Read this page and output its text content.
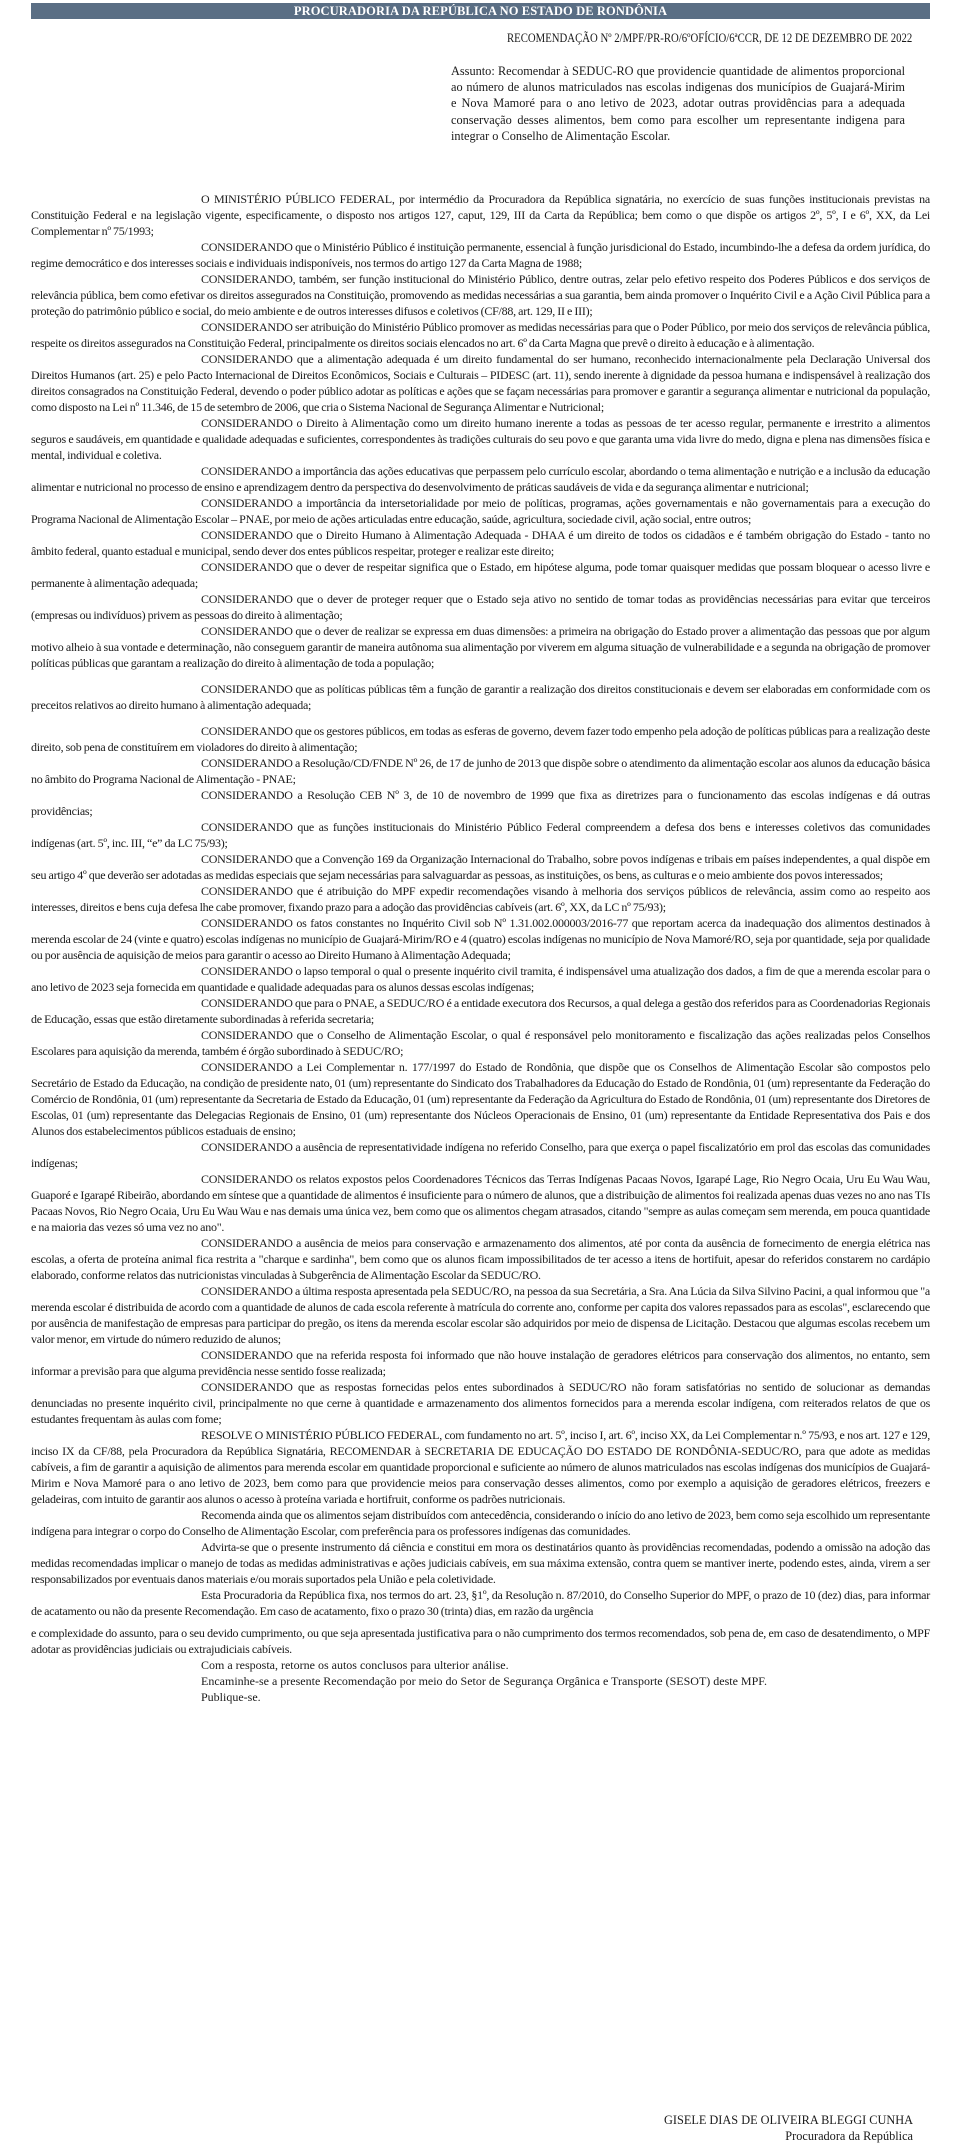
PROCURADORIA DA REPÚBLICA NO ESTADO DE RONDÔNIA
RECOMENDAÇÃO Nº 2/MPF/PR-RO/6ºOFÍCIO/6ªCCR, DE 12 DE DEZEMBRO DE 2022
Assunto: Recomendar à SEDUC-RO que providencie quantidade de alimentos proporcional ao número de alunos matriculados nas escolas indigenas dos municípios de Guajará-Mirim e Nova Mamoré para o ano letivo de 2023, adotar outras providências para a adequada conservação desses alimentos, bem como para escolher um representante indigena para integrar o Conselho de Alimentação Escolar.

O MINISTÉRIO PÚBLICO FEDERAL, por intermédio da Procuradora da República signatária, no exercício de suas funções institucionais previstas na Constituição Federal e na legislação vigente, especificamente, o disposto nos artigos 127, caput, 129, III da Carta da República; bem como o que dispõe os artigos 2º, 5º, I e 6º, XX, da Lei Complementar nº 75/1993;

CONSIDERANDO que o Ministério Público é instituição permanente, essencial à função jurisdicional do Estado, incumbindo-lhe a defesa da ordem jurídica, do regime democrático e dos interesses sociais e individuais indisponíveis, nos termos do artigo 127 da Carta Magna de 1988;

CONSIDERANDO, também, ser função institucional do Ministério Público, dentre outras, zelar pelo efetivo respeito dos Poderes Públicos e dos serviços de relevância pública, bem como efetivar os direitos assegurados na Constituição, promovendo as medidas necessárias a sua garantia, bem ainda promover o Inquérito Civil e a Ação Civil Pública para a proteção do patrimônio público e social, do meio ambiente e de outros interesses difusos e coletivos (CF/88, art. 129, II e III);

CONSIDERANDO ser atribuição do Ministério Público promover as medidas necessárias para que o Poder Público, por meio dos serviços de relevância pública, respeite os direitos assegurados na Constituição Federal, principalmente os direitos sociais elencados no art. 6º da Carta Magna que prevê o direito à educação e à alimentação.

CONSIDERANDO que a alimentação adequada é um direito fundamental do ser humano, reconhecido internacionalmente pela Declaração Universal dos Direitos Humanos (art. 25) e pelo Pacto Internacional de Direitos Econômicos, Sociais e Culturais – PIDESC (art. 11), sendo inerente à dignidade da pessoa humana e indispensável à realização dos direitos consagrados na Constituição Federal, devendo o poder público adotar as políticas e ações que se façam necessárias para promover e garantir a segurança alimentar e nutricional da população, como disposto na Lei nº 11.346, de 15 de setembro de 2006, que cria o Sistema Nacional de Segurança Alimentar e Nutricional;

CONSIDERANDO o Direito à Alimentação como um direito humano inerente a todas as pessoas de ter acesso regular, permanente e irrestrito a alimentos seguros e saudáveis, em quantidade e qualidade adequadas e suficientes, correspondentes às tradições culturais do seu povo e que garanta uma vida livre do medo, digna e plena nas dimensões física e mental, individual e coletiva.

CONSIDERANDO a importância das ações educativas que perpassem pelo currículo escolar, abordando o tema alimentação e nutrição e a inclusão da educação alimentar e nutricional no processo de ensino e aprendizagem dentro da perspectiva do desenvolvimento de práticas saudáveis de vida e da segurança alimentar e nutricional;

CONSIDERANDO a importância da intersetorialidade por meio de políticas, programas, ações governamentais e não governamentais para a execução do Programa Nacional de Alimentação Escolar – PNAE, por meio de ações articuladas entre educação, saúde, agricultura, sociedade civil, ação social, entre outros;

CONSIDERANDO que o Direito Humano à Alimentação Adequada - DHAA é um direito de todos os cidadãos e é também obrigação do Estado - tanto no âmbito federal, quanto estadual e municipal, sendo dever dos entes públicos respeitar, proteger e realizar este direito;

CONSIDERANDO que o dever de respeitar significa que o Estado, em hipótese alguma, pode tomar quaisquer medidas que possam bloquear o acesso livre e permanente à alimentação adequada;

CONSIDERANDO que o dever de proteger requer que o Estado seja ativo no sentido de tomar todas as providências necessárias para evitar que terceiros (empresas ou indivíduos) privem as pessoas do direito à alimentação;

CONSIDERANDO que o dever de realizar se expressa em duas dimensões: a primeira na obrigação do Estado prover a alimentação das pessoas que por algum motivo alheio à sua vontade e determinação, não conseguem garantir de maneira autônoma sua alimentação por viverem em alguma situação de vulnerabilidade e a segunda na obrigação de promover políticas públicas que garantam a realização do direito à alimentação de toda a população;

CONSIDERANDO que as políticas públicas têm a função de garantir a realização dos direitos constitucionais e devem ser elaboradas em conformidade com os preceitos relativos ao direito humano à alimentação adequada;

CONSIDERANDO que os gestores públicos, em todas as esferas de governo, devem fazer todo empenho pela adoção de políticas públicas para a realização deste direito, sob pena de constituírem em violadores do direito à alimentação;

CONSIDERANDO a Resolução/CD/FNDE Nº 26, de 17 de junho de 2013 que dispõe sobre o atendimento da alimentação escolar aos alunos da educação básica no âmbito do Programa Nacional de Alimentação - PNAE;

CONSIDERANDO a Resolução CEB Nº 3, de 10 de novembro de 1999 que fixa as diretrizes para o funcionamento das escolas indígenas e dá outras providências;

CONSIDERANDO que as funções institucionais do Ministério Público Federal compreendem a defesa dos bens e interesses coletivos das comunidades indígenas (art. 5º, inc. III, “e” da LC 75/93);

CONSIDERANDO que a Convenção 169 da Organização Internacional do Trabalho, sobre povos indígenas e tribais em países independentes, a qual dispõe em seu artigo 4º que deverão ser adotadas as medidas especiais que sejam necessárias para salvaguardar as pessoas, as instituições, os bens, as culturas e o meio ambiente dos povos interessados;

CONSIDERANDO que é atribuição do MPF expedir recomendações visando à melhoria dos serviços públicos de relevância, assim como ao respeito aos interesses, direitos e bens cuja defesa lhe cabe promover, fixando prazo para a adoção das providências cabíveis (art. 6º, XX, da LC nº 75/93);

CONSIDERANDO os fatos constantes no Inquérito Civil sob Nº 1.31.002.000003/2016-77 que reportam acerca da inadequação dos alimentos destinados à merenda escolar de 24 (vinte e quatro) escolas indígenas no município de Guajará-Mirim/RO e 4 (quatro) escolas indígenas no município de Nova Mamoré/RO, seja por quantidade, seja por qualidade ou por ausência de aquisição de meios para garantir o acesso ao Direito Humano à Alimentação Adequada;

CONSIDERANDO o lapso temporal o qual o presente inquérito civil tramita, é indispensável uma atualização dos dados, a fim de que a merenda escolar para o ano letivo de 2023 seja fornecida em quantidade e qualidade adequadas para os alunos dessas escolas indígenas;

CONSIDERANDO que para o PNAE, a SEDUC/RO é a entidade executora dos Recursos, a qual delega a gestão dos referidos para as Coordenadorias Regionais de Educação, essas que estão diretamente subordinadas à referida secretaria;

CONSIDERANDO que o Conselho de Alimentação Escolar, o qual é responsável pelo monitoramento e fiscalização das ações realizadas pelos Conselhos Escolares para aquisição da merenda, também é órgão subordinado à SEDUC/RO;

CONSIDERANDO a Lei Complementar n. 177/1997 do Estado de Rondônia, que dispõe que os Conselhos de Alimentação Escolar são compostos pelo Secretário de Estado da Educação, na condição de presidente nato, 01 (um) representante do Sindicato dos Trabalhadores da Educação do Estado de Rondônia, 01 (um) representante da Federação do Comércio de Rondônia, 01 (um) representante da Secretaria de Estado da Educação, 01 (um) representante da Federação da Agricultura do Estado de Rondônia, 01 (um) representante dos Diretores de Escolas, 01 (um) representante das Delegacias Regionais de Ensino, 01 (um) representante dos Núcleos Operacionais de Ensino, 01 (um) representante da Entidade Representativa dos Pais e dos Alunos dos estabelecimentos públicos estaduais de ensino;

CONSIDERANDO a ausência de representatividade indígena no referido Conselho, para que exerça o papel fiscalizatório em prol das escolas das comunidades indígenas;

CONSIDERANDO os relatos expostos pelos Coordenadores Técnicos das Terras Indígenas Pacaas Novos, Igarapé Lage, Rio Negro Ocaia, Uru Eu Wau Wau, Guaporé e Igarapé Ribeirão, abordando em síntese que a quantidade de alimentos é insuficiente para o número de alunos, que a distribuição de alimentos foi realizada apenas duas vezes no ano nas TIs Pacaas Novos, Rio Negro Ocaia, Uru Eu Wau Wau e nas demais uma única vez, bem como que os alimentos chegam atrasados, citando "sempre as aulas começam sem merenda, em pouca quantidade e na maioria das vezes só uma vez no ano".

CONSIDERANDO a ausência de meios para conservação e armazenamento dos alimentos, até por conta da ausência de fornecimento de energia elétrica nas escolas, a oferta de proteína animal fica restrita a "charque e sardinha", bem como que os alunos ficam impossibilitados de ter acesso a itens de hortifuit, apesar do referidos constarem no cardápio elaborado, conforme relatos das nutricionistas vinculadas à Subgerência de Alimentação Escolar da SEDUC/RO.

CONSIDERANDO a última resposta apresentada pela SEDUC/RO, na pessoa da sua Secretária, a Sra. Ana Lúcia da Silva Silvino Pacini, a qual informou que "a merenda escolar é distribuida de acordo com a quantidade de alunos de cada escola referente à matrícula do corrente ano, conforme per capita dos valores repassados para as escolas", esclarecendo que por ausência de manifestação de empresas para participar do pregão, os itens da merenda escolar escolar são adquiridos por meio de dispensa de Licitação. Destacou que algumas escolas recebem um valor menor, em virtude do número reduzido de alunos;

CONSIDERANDO que na referida resposta foi informado que não houve instalação de geradores elétricos para conservação dos alimentos, no entanto, sem informar a previsão para que alguma previdência nesse sentido fosse realizada;

CONSIDERANDO que as respostas fornecidas pelos entes subordinados à SEDUC/RO não foram satisfatórias no sentido de solucionar as demandas denunciadas no presente inquérito civil, principalmente no que cerne à quantidade e armazenamento dos alimentos fornecidos para a merenda escolar indígena, com reiterados relatos de que os estudantes frequentam às aulas com fome;

RESOLVE O MINISTÉRIO PÚBLICO FEDERAL, com fundamento no art. 5º, inciso I, art. 6º, inciso XX, da Lei Complementar n.º 75/93, e nos art. 127 e 129, inciso IX da CF/88, pela Procuradora da República Signatária, RECOMENDAR à SECRETARIA DE EDUCAÇÃO DO ESTADO DE RONDÔNIA-SEDUC/RO, para que adote as medidas cabíveis, a fim de garantir a aquisição de alimentos para merenda escolar em quantidade proporcional e suficiente ao número de alunos matriculados nas escolas indígenas dos municípios de Guajará-Mirim e Nova Mamoré para o ano letivo de 2023, bem como para que providencie meios para conservação desses alimentos, como por exemplo a aquisição de geradores elétricos, freezers e geladeiras, com intuito de garantir aos alunos o acesso à proteína variada e hortifruit, conforme os padrões nutricionais.

Recomenda ainda que os alimentos sejam distribuídos com antecedência, considerando o início do ano letivo de 2023, bem como seja escolhido um representante indígena para integrar o corpo do Conselho de Alimentação Escolar, com preferência para os professores indígenas das comunidades.

Advirta-se que o presente instrumento dá ciência e constitui em mora os destinatários quanto às providências recomendadas, podendo a omissão na adoção das medidas recomendadas implicar o manejo de todas as medidas administrativas e ações judiciais cabíveis, em sua máxima extensão, contra quem se mantiver inerte, podendo estes, ainda, virem a ser responsabilizados por eventuais danos materiais e/ou morais suportados pela União e pela coletividade.

Esta Procuradoria da República fixa, nos termos do art. 23, §1º, da Resolução n. 87/2010, do Conselho Superior do MPF, o prazo de 10 (dez) dias, para informar de acatamento ou não da presente Recomendação. Em caso de acatamento, fixo o prazo 30 (trinta) dias, em razão da urgência

e complexidade do assunto, para o seu devido cumprimento, ou que seja apresentada justificativa para o não cumprimento dos termos recomendados, sob pena de, em caso de desatendimento, o MPF adotar as providências judiciais ou extrajudiciais cabíveis.

Com a resposta, retorne os autos conclusos para ulterior análise.

Encaminhe-se a presente Recomendação por meio do Setor de Segurança Orgânica e Transporte (SESOT) deste MPF.

Publique-se.

GISELE DIAS DE OLIVEIRA BLEGGI CUNHA
Procuradora da República
